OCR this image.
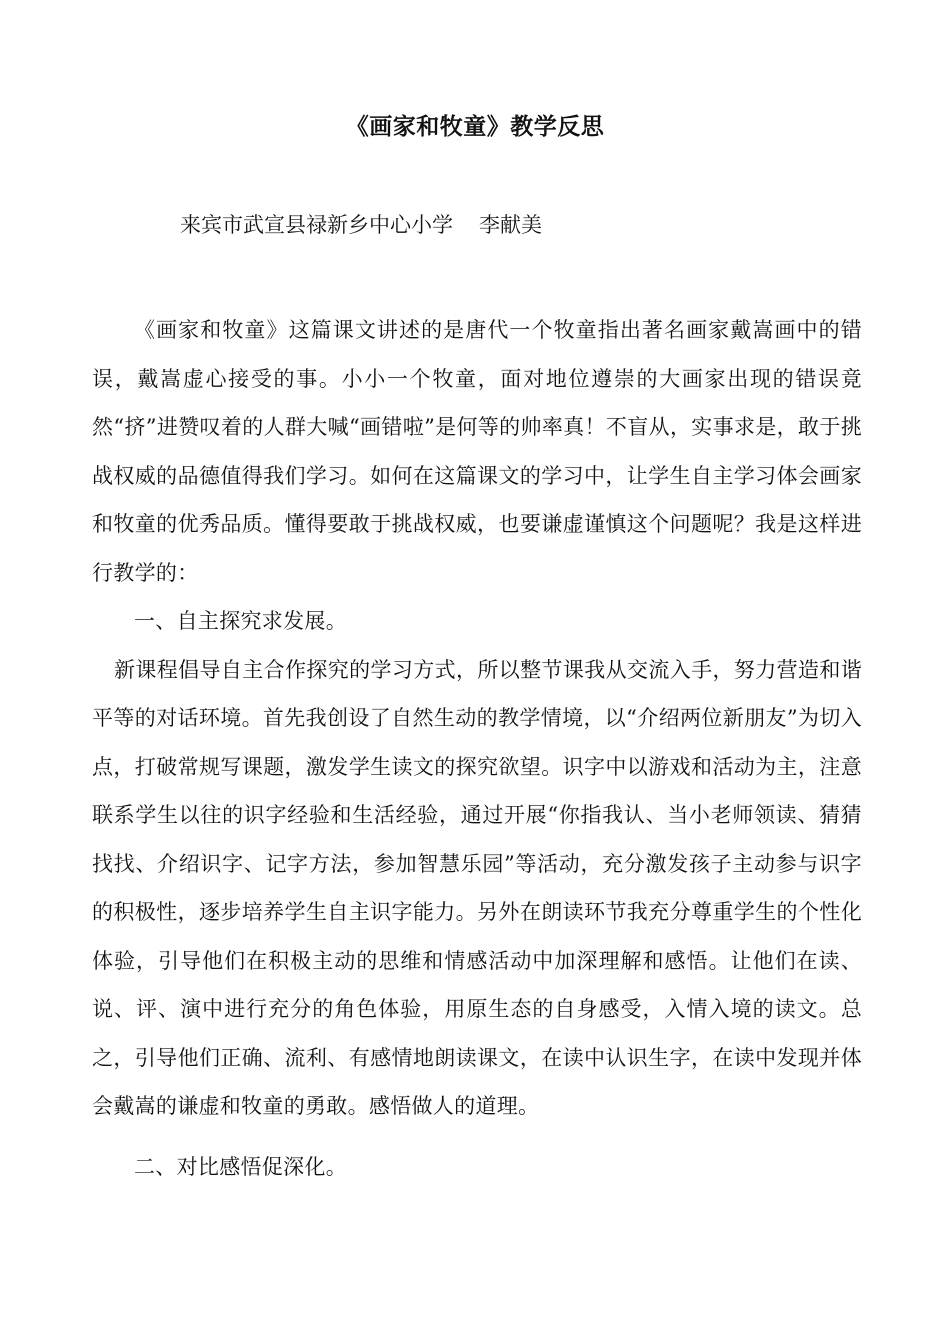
《画家和牧童》教学反思
来宾市武宣县禄新乡中心小学 李献美

《画家和牧童》这篇课文讲述的是唐代一个牧童指出著名画家戴嵩画中的错误，戴嵩虚心接受的事。小小一个牧童，面对地位遵崇的大画家出现的错误竟然“挤”进赞叹着的人群大喊“画错啦”是何等的帅率真！不盲从，实事求是，敢于挑战权威的品德值得我们学习。如何在这篇课文的学习中，让学生自主学习体会画家和牧童的优秀品质。懂得要敢于挑战权威，也要谦虚谨慎这个问题呢？我是这样进行教学的：

一、自主探究求发展。

新课程倡导自主合作探究的学习方式，所以整节课我从交流入手，努力营造和谐平等的对话环境。首先我创设了自然生动的教学情境，以“介绍两位新朋友”为切入点，打破常规写课题，激发学生读文的探究欲望。识字中以游戏和活动为主，注意联系学生以往的识字经验和生活经验，通过开展“你指我认、当小老师领读、猜猜找找、介绍识字、记字方法，参加智慧乐园”等活动，充分激发孩子主动参与识字的积极性，逐步培养学生自主识字能力。另外在朗读环节我充分尊重学生的个性化体验，引导他们在积极主动的思维和情感活动中加深理解和感悟。让他们在读、说、评、演中进行充分的角色体验，用原生态的自身感受，入情入境的读文。总之，引导他们正确、流利、有感情地朗读课文，在读中认识生字，在读中发现并体会戴嵩的谦虚和牧童的勇敢。感悟做人的道理。

二、对比感悟促深化。
